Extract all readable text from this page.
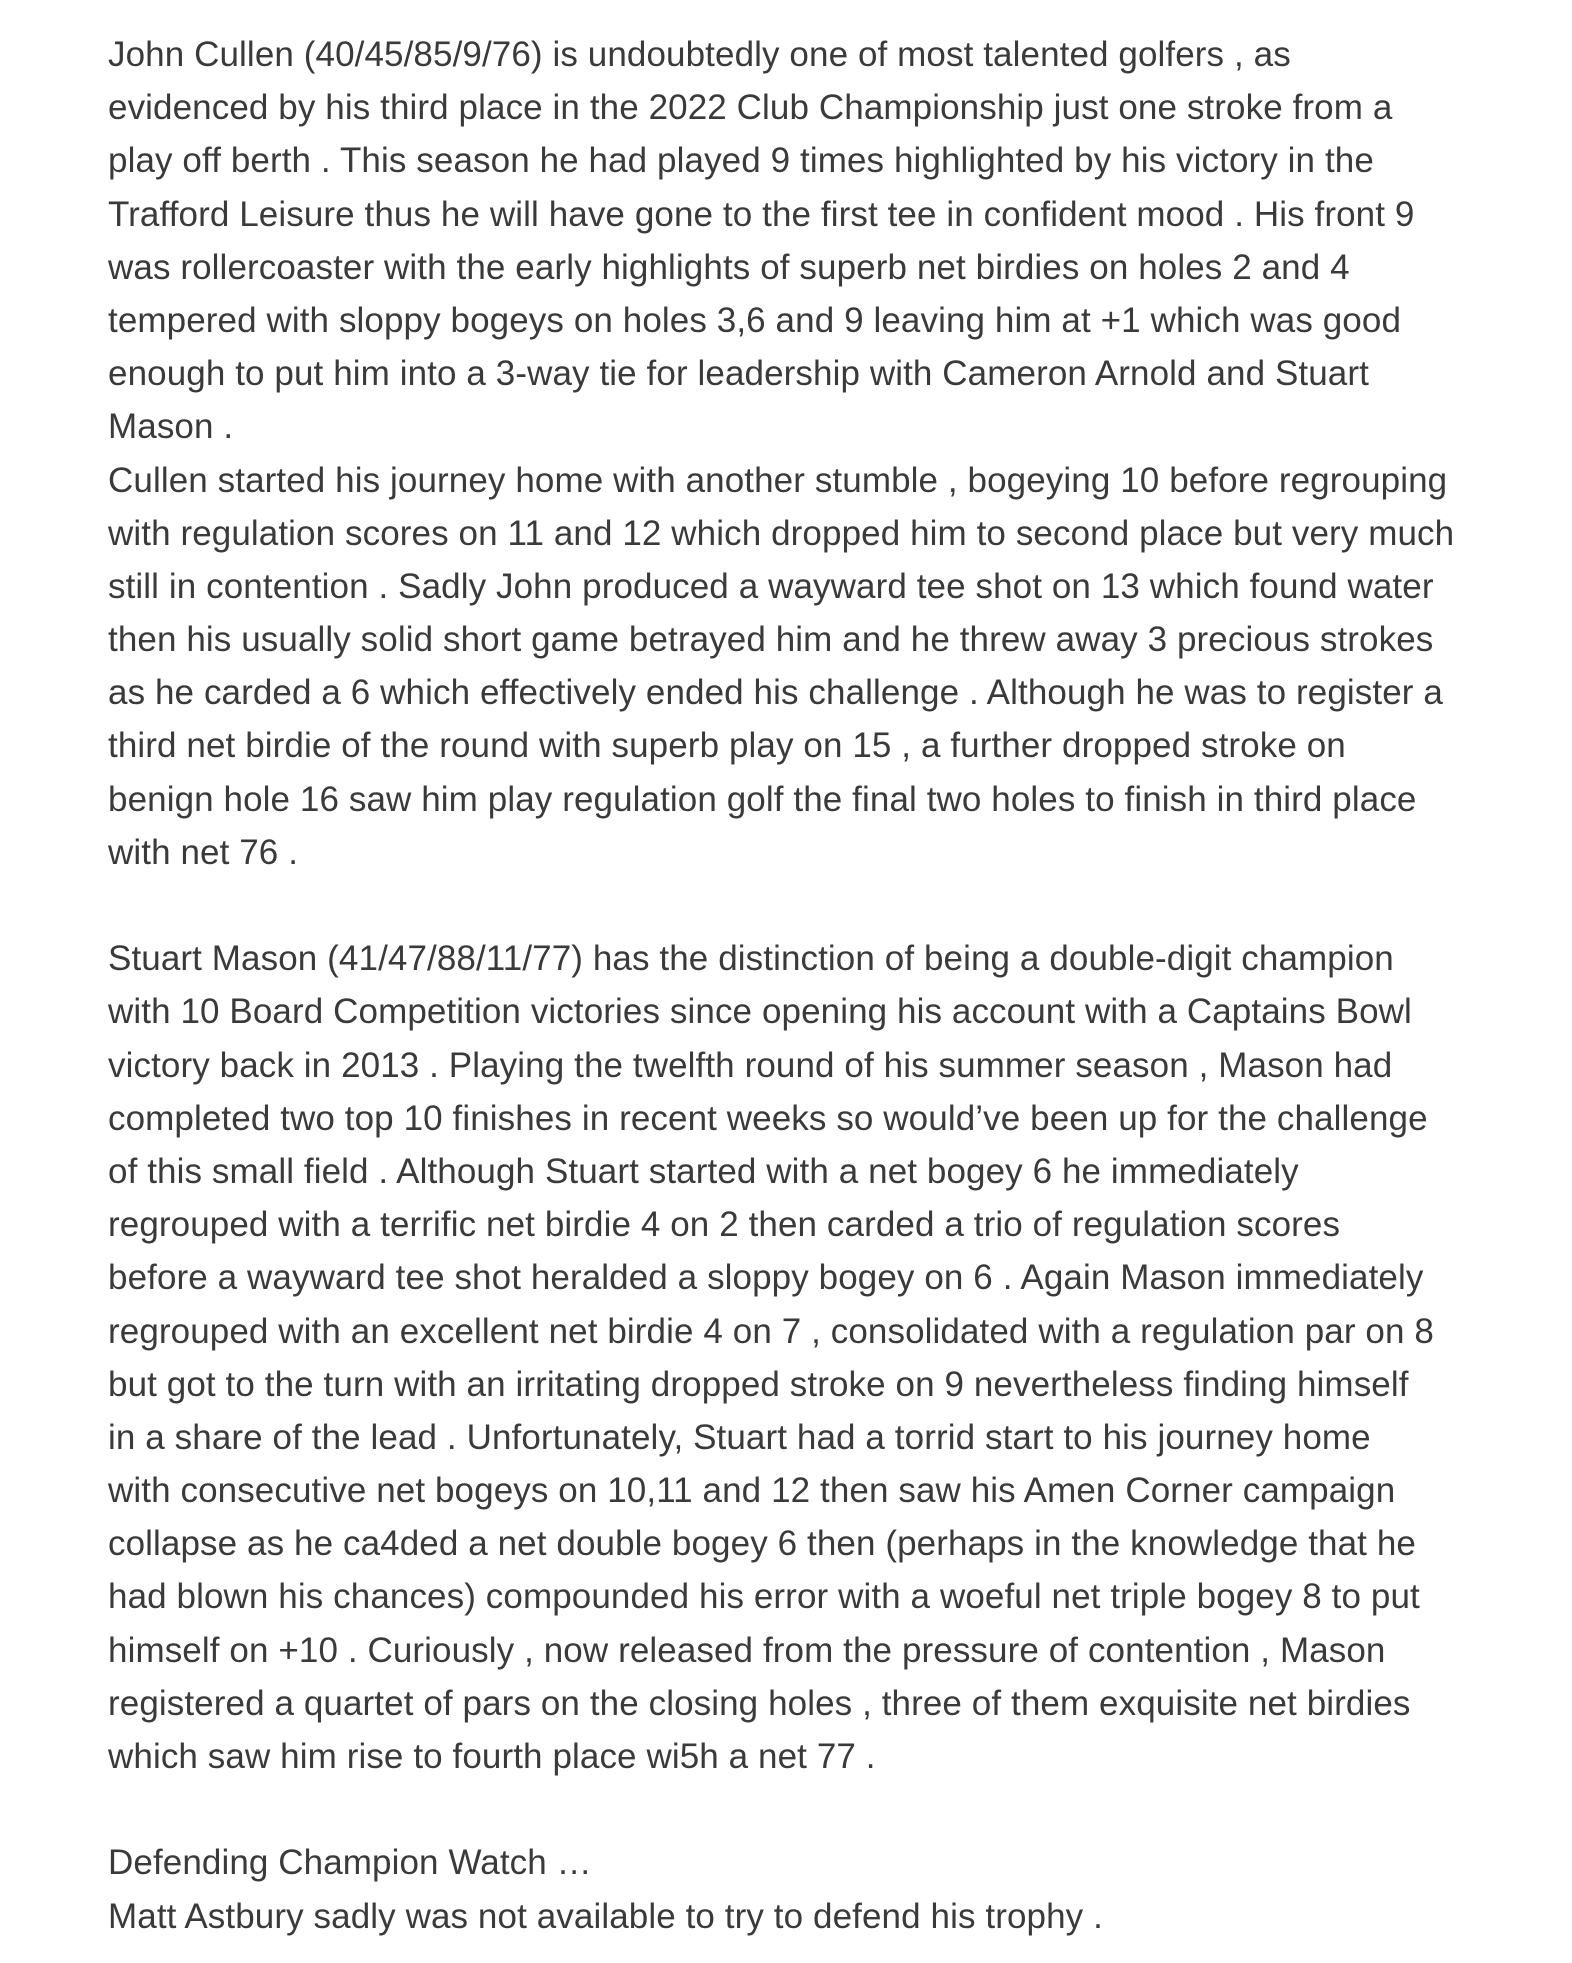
John Cullen (40/45/85/9/76) is undoubtedly one of most talented golfers , as
evidenced by his third place in the 2022 Club Championship just one stroke from a
play off berth . This season he had played 9 times highlighted by his victory in the
Trafford Leisure thus he will have gone to the first tee in confident mood . His front 9
was rollercoaster with the early highlights of superb net birdies on holes 2 and 4
tempered with sloppy bogeys on holes 3,6 and 9 leaving him at +1 which was good
enough to put him into a 3-way tie for leadership with Cameron Arnold and Stuart
Mason .
Cullen started his journey home with another stumble , bogeying 10 before regrouping
with regulation scores on 11 and 12 which dropped him to second place but very much
still in contention . Sadly John produced a wayward tee shot on 13 which found water
then his usually solid short game betrayed him and he threw away 3 precious strokes
as he carded a 6 which effectively ended his challenge . Although he was to register a
third net birdie of the round with superb play on 15 , a further dropped stroke on
benign hole 16 saw him play regulation golf the final two holes to finish in third place
with net 76 .
Stuart Mason (41/47/88/11/77) has the distinction of being a double-digit champion
with 10 Board Competition victories since opening his account with a Captains Bowl
victory back in 2013 . Playing the twelfth round of his summer season , Mason had
completed two top 10 finishes in recent weeks so would’ve been up for the challenge
of this small field . Although Stuart started with a net bogey 6 he immediately
regrouped with a terrific net birdie 4 on 2 then carded a trio of regulation scores
before a wayward tee shot heralded a sloppy bogey on 6 . Again Mason immediately
regrouped with an excellent net birdie 4 on 7 , consolidated with a regulation par on 8
but got to the turn with an irritating dropped stroke on 9 nevertheless finding himself
in a share of the lead . Unfortunately, Stuart had a torrid start to his journey home
with consecutive net bogeys on 10,11 and 12 then saw his Amen Corner campaign
collapse as he ca4ded a net double bogey 6 then (perhaps in the knowledge that he
had blown his chances) compounded his error with a woeful net triple bogey 8 to put
himself on +10 . Curiously , now released from the pressure of contention , Mason
registered a quartet of pars on the closing holes , three of them exquisite net birdies
which saw him rise to fourth place wi5h a net 77 .
Defending Champion Watch …
Matt Astbury sadly was not available to try to defend his trophy .
